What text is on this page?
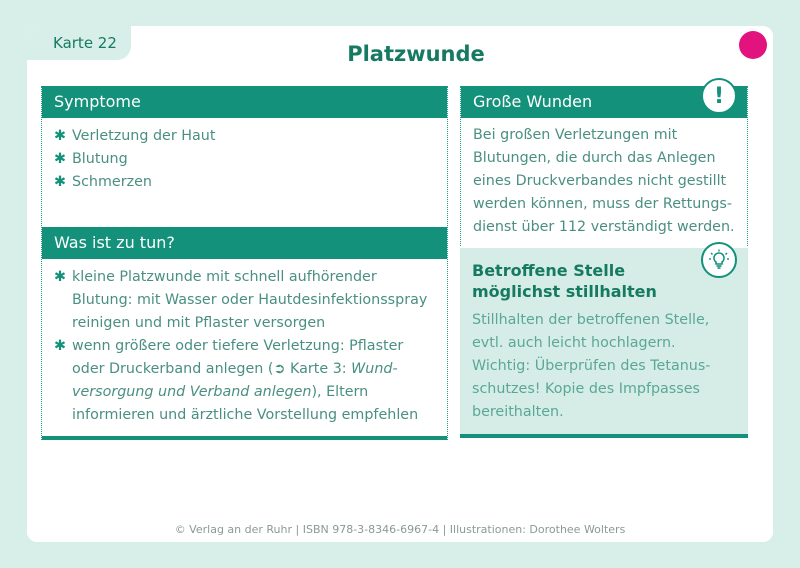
Karte 22	Platzwunde
Symptome
✱ Verletzung der Haut
✱ Blutung
✱ Schmerzen
Was ist zu tun?
✱ kleine Platzwunde mit schnell aufhörender
Blutung: mit Wasser oder Hautdesinfektionsspray
reinigen und mit Pflaster versorgen
✱ wenn größere oder tiefere Verletzung: Pflaster
oder Druckerband anlegen (➲ Karte 3: Wund-
versorgung und Verband anlegen), Eltern
informieren und ärztliche Vorstellung empfehlen
Große Wunden
Bei großen Verletzungen mit
Blutungen, die durch das Anlegen
eines Druckverbandes nicht gestillt
werden können, muss der Rettungs-
dienst über 112 verständigt werden.
!
Betroffene Stelle
möglichst stillhalten
Stillhalten der betroffenen Stelle,
evtl. auch leicht hochlagern.
Wichtig: Überprüfen des Tetanus-
schutzes! Kopie des Impfpasses
bereithalten.
© Verlag an der Ruhr | ISBN 978-3-8346-6967-4 | Illustrationen: Dorothee Wolters
